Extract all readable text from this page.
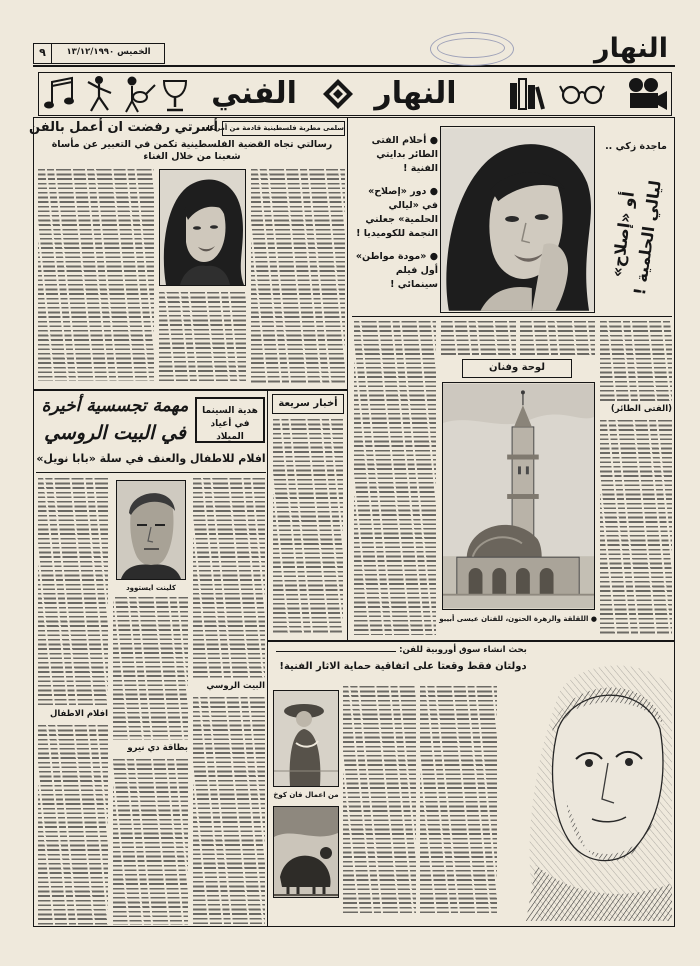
٩	الخميس ١٣/١٢/١٩٩٠	النهار
النهار
الفني
سلمى مطربة فلسطينية قادمة من أمريكا
أسرتي رفضت ان أعمل بالفن
رسالتي تجاه القضية الفلسطينية تكمن في التعبير عن مأساة شعبنا من خلال الغناء
مهمة تجسسية أخيرة
في البيت الروسي
هدية السينما في أعياد الميلاد
افلام للاطفال والعنف في سلة «بابا نويل»
البيت الروسي
كلينت ايستوود
بطاقة دي نيرو
افلام الاطفال
أخبار سريعة
ماجدة زكي ..
أو «إصلاح»
ليالي الحلمية !
● أحلام الفتى الطائر بدايتي الفنية !
● دور «إصلاح» في «ليالي الحلمية» جعلني النجمة للكوميديا !
● «مودة مواطن» أول فيلم سينمائي !
(الفتى الطائر)
لوحة وفنان
● اللقلقة والزهرة الحنون، للفنان عيسى أبيبو
بحث انشاء سوق أوروبية للفن:
دولتان فقط وقعتا على اتفاقية حماية الاثار الفنية!
من اعمال فان كوخ
